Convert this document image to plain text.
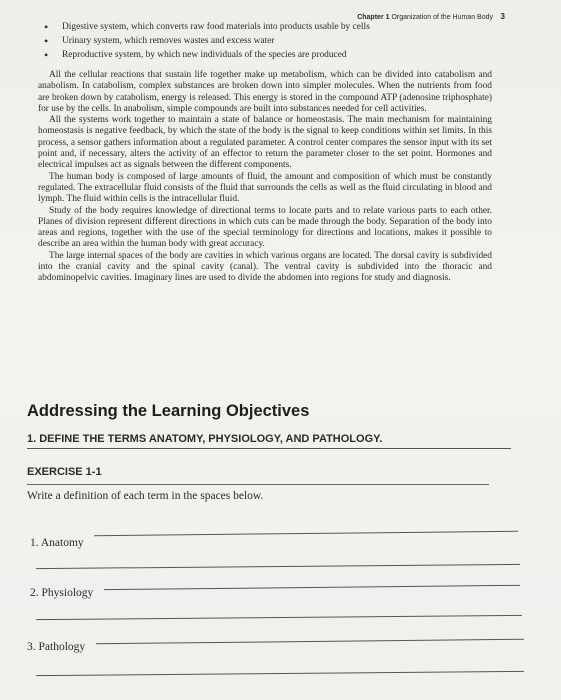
Chapter 1 Organization of the Human Body 3
• Digestive system, which converts raw food materials into products usable by cells
• Urinary system, which removes wastes and excess water
• Reproductive system, by which new individuals of the species are produced

All the cellular reactions that sustain life together make up metabolism, which can be divided into catabolism and anabolism. In catabolism, complex substances are broken down into simpler molecules. When the nutrients from food are broken down by catabolism, energy is released. This energy is stored in the compound ATP (adenosine triphosphate) for use by the cells. In anabolism, simple compounds are built into substances needed for cell activities.

All the systems work together to maintain a state of balance or homeostasis. The main mechanism for maintaining homeostasis is negative feedback, by which the state of the body is the signal to keep conditions within set limits. In this process, a sensor gathers information about a regulated parameter. A control center compares the sensor input with its set point and, if necessary, alters the activity of an effector to return the parameter closer to the set point. Hormones and electrical impulses act as signals between the different components.

The human body is composed of large amounts of fluid, the amount and composition of which must be constantly regulated. The extracellular fluid consists of the fluid that surrounds the cells as well as the fluid circulating in blood and lymph. The fluid within cells is the intracellular fluid.

Study of the body requires knowledge of directional terms to locate parts and to relate various parts to each other. Planes of division represent different directions in which cuts can be made through the body. Separation of the body into areas and regions, together with the use of the special terminology for directions and locations, makes it possible to describe an area within the human body with great accuracy.

The large internal spaces of the body are cavities in which various organs are located. The dorsal cavity is subdivided into the cranial cavity and the spinal cavity (canal). The ventral cavity is subdivided into the thoracic and abdominopelvic cavities. Imaginary lines are used to divide the abdomen into regions for study and diagnosis.

Addressing the Learning Objectives
1. DEFINE THE TERMS ANATOMY, PHYSIOLOGY, AND PATHOLOGY.
EXERCISE 1-1
Write a definition of each term in the spaces below.
1. Anatomy
2. Physiology
3. Pathology
